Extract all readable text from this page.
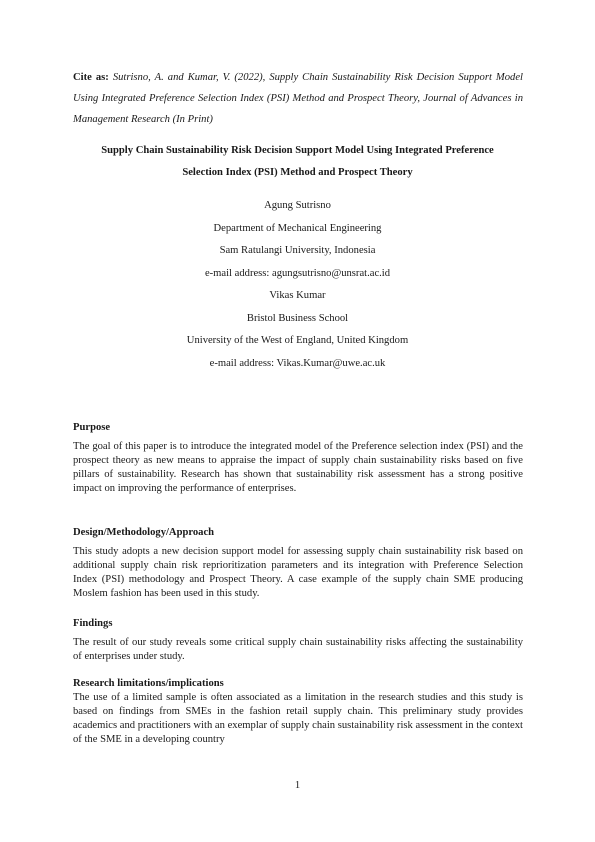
Cite as: Sutrisno, A. and Kumar, V. (2022), Supply Chain Sustainability Risk Decision Support Model Using Integrated Preference Selection Index (PSI) Method and Prospect Theory, Journal of Advances in Management Research (In Print)
Supply Chain Sustainability Risk Decision Support Model Using Integrated Preference
Selection Index (PSI) Method and Prospect Theory
Agung Sutrisno
Department of Mechanical Engineering
Sam Ratulangi University, Indonesia
e-mail address: agungsutrisno@unsrat.ac.id
Vikas Kumar
Bristol Business School
University of the West of England, United Kingdom
e-mail address: Vikas.Kumar@uwe.ac.uk
Purpose
The goal of this paper is to introduce the integrated model of the Preference selection index (PSI) and the prospect theory as new means to appraise the impact of supply chain sustainability risks based on five pillars of sustainability. Research has shown that sustainability risk assessment has a strong positive impact on improving the performance of enterprises.
Design/Methodology/Approach
This study adopts a new decision support model for assessing supply chain sustainability risk based on additional supply chain risk reprioritization parameters and its integration with Preference Selection Index (PSI) methodology and Prospect Theory. A case example of the supply chain SME producing Moslem fashion has been used in this study.
Findings
The result of our study reveals some critical supply chain sustainability risks affecting the sustainability of enterprises under study.
Research limitations/implications
The use of a limited sample is often associated as a limitation in the research studies and this study is based on findings from SMEs in the fashion retail supply chain. This preliminary study provides academics and practitioners with an exemplar of supply chain sustainability risk assessment in the context of the SME in a developing country
1
